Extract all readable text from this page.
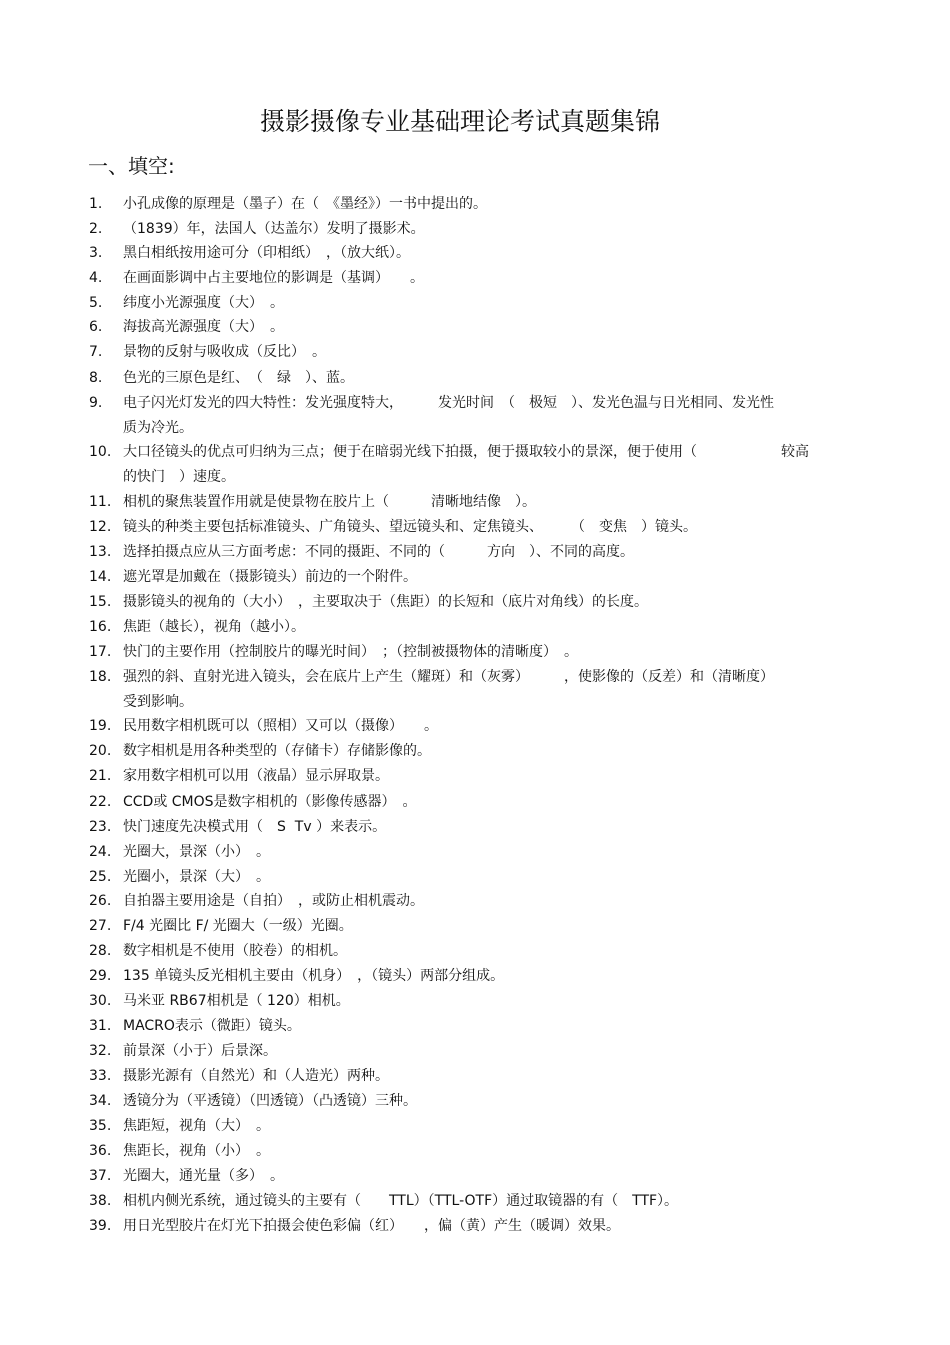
摄影摄像专业基础理论考试真题集锦
一、填空:
1.	小孔成像的原理是（墨子）在（　《墨经》）一书中提出的。
2.	（1839）年，法国人（达盖尔）发明了摄影术。
3.	黑白相纸按用途可分（印相纸）　，（放大纸）。
4.	在画面影调中占主要地位的影调是（基调）　　。
5.	纬度小光源强度（大）　。
6.	海拔高光源强度（大）　。
7.	景物的反射与吸收成（反比）　。
8.	色光的三原色是红、　（　绿　）、蓝。
9.	电子闪光灯发光的四大特性：发光强度特大，　　　发光时间　（　极短　）、发光色温与日光相同、发光性
质为冷光。
10. 大口径镜头的优点可归纳为三点；便于在暗弱光线下拍摄，便于摄取较小的景深，便于使用（　　　　　　较高
的快门　）速度。
11. 相机的聚焦装置作用就是使景物在胶片上（　　　清晰地结像　）。
12. 镜头的种类主要包括标准镜头、广角镜头、望远镜头和、定焦镜头、　　　（　变焦　）镜头。
13. 选择拍摄点应从三方面考虑：不同的摄距、不同的（　　　方向　）、不同的高度。
14. 遮光罩是加戴在（摄影镜头）前边的一个附件。
15. 摄影镜头的视角的（大小）　，主要取决于（焦距）的长短和（底片对角线）的长度。
16. 焦距（越长），视角（越小）。
17. 快门的主要作用（控制胶片的曝光时间）　；（控制被摄物体的清晰度）　。
18. 强烈的斜、直射光进入镜头，会在底片上产生（耀斑）和（灰雾）　　　，使影像的（反差）和（清晰度）
受到影响。
19. 民用数字相机既可以（照相）又可以（摄像）　　。
20. 数字相机是用各种类型的（存储卡）存储影像的。
21. 家用数字相机可以用（液晶）显示屏取景。
22. CCD或 CMOS是数字相机的（影像传感器）　。
23. 快门速度先决模式用（　S  Tv ）来表示。
24. 光圈大，景深（小）　。
25. 光圈小，景深（大）　。
26. 自拍器主要用途是（自拍）　，或防止相机震动。
27. F/4 光圈比 F/ 光圈大（一级）光圈。
28. 数字相机是不使用（胶卷）的相机。
29. 135 单镜头反光相机主要由（机身）　，（镜头）两部分组成。
30. 马米亚 RB67相机是（ 120）相机。
31. MACRO表示（微距）镜头。
32. 前景深（小于）后景深。
33. 摄影光源有（自然光）和（人造光）两种。
34. 透镜分为（平透镜）（凹透镜）（凸透镜）三种。
35. 焦距短，视角（大）　。
36. 焦距长，视角（小）　。
37. 光圈大，通光量（多）　。
38. 相机内侧光系统，通过镜头的主要有（　　TTL）（TTL-OTF）通过取镜器的有（　TTF）。
39. 用日光型胶片在灯光下拍摄会使色彩偏（红）　　，偏（黄）产生（暖调）效果。
